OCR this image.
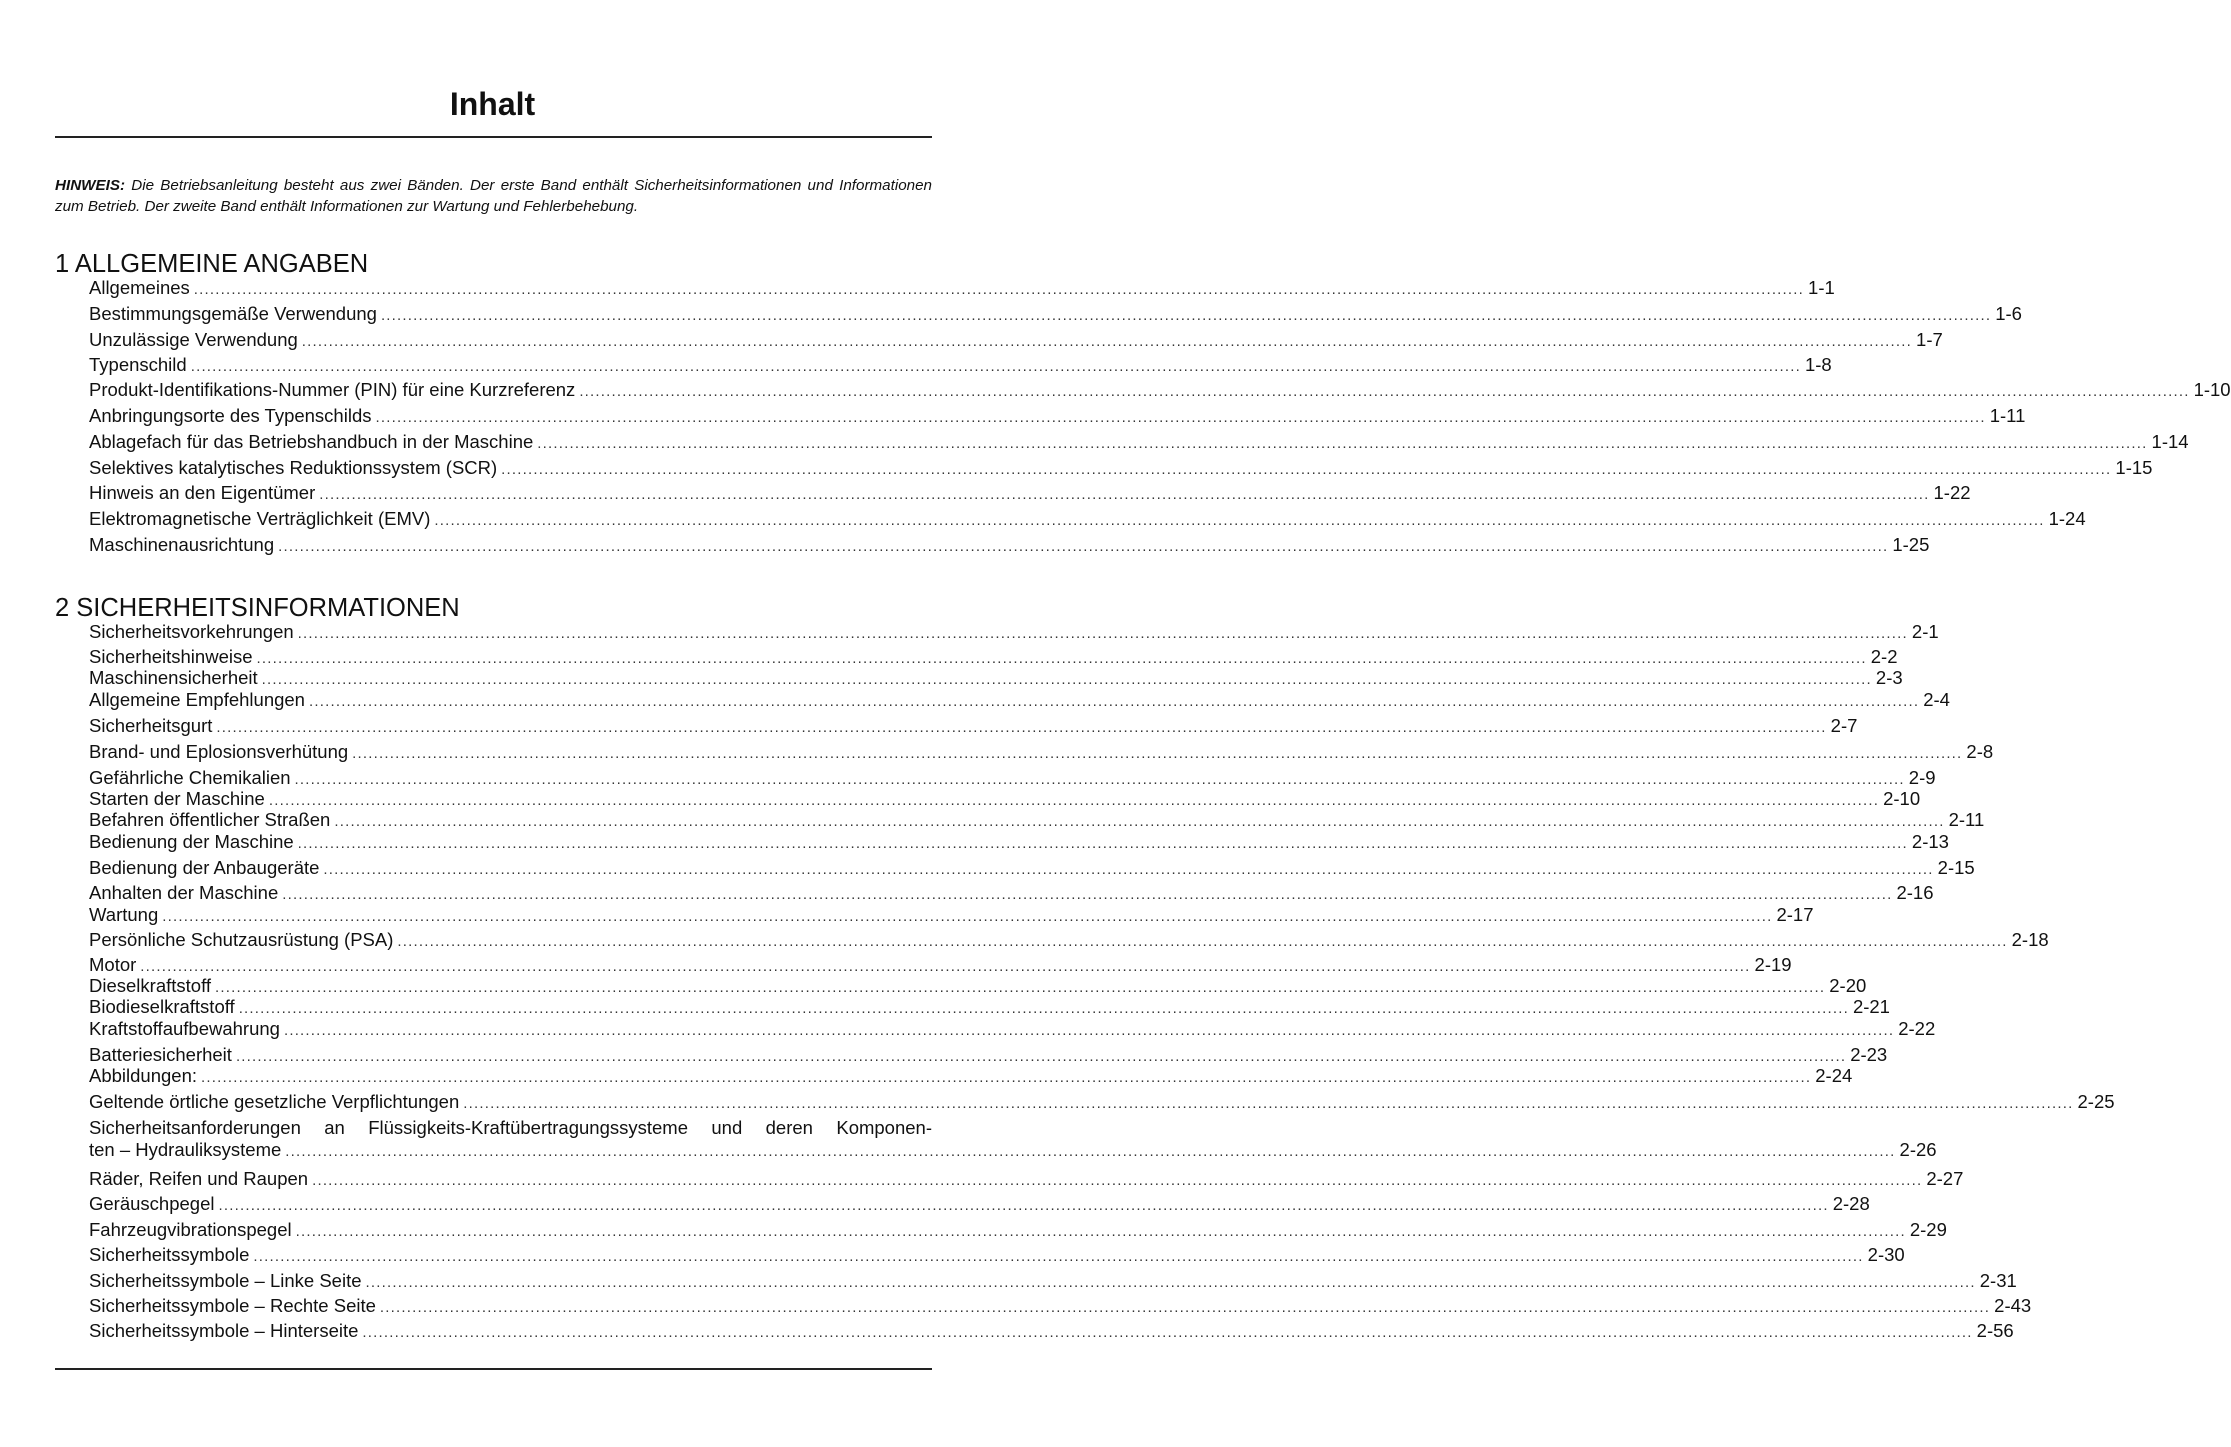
Inhalt

HINWEIS: Die Betriebsanleitung besteht aus zwei Bänden. Der erste Band enthält Sicherheitsinformationen und Informationen zum Betrieb. Der zweite Band enthält Informationen zur Wartung und Fehlerbehebung.

1 ALLGEMEINE ANGABEN
Allgemeines ............................................................................................................................................................................................................................................................................................................ 1-1
Bestimmungsgemäße Verwendung ............................................................................................................................................................................................................................................................................................................ 1-6
Unzulässige Verwendung ............................................................................................................................................................................................................................................................................................................ 1-7
Typenschild ............................................................................................................................................................................................................................................................................................................ 1-8
Produkt-Identifikations-Nummer (PIN) für eine Kurzreferenz ............................................................................................................................................................................................................................................................................................................ 1-10
Anbringungsorte des Typenschilds ............................................................................................................................................................................................................................................................................................................ 1-11
Ablagefach für das Betriebshandbuch in der Maschine ............................................................................................................................................................................................................................................................................................................ 1-14
Selektives katalytisches Reduktionssystem (SCR) ............................................................................................................................................................................................................................................................................................................ 1-15
Hinweis an den Eigentümer ............................................................................................................................................................................................................................................................................................................ 1-22
Elektromagnetische Verträglichkeit (EMV) ............................................................................................................................................................................................................................................................................................................ 1-24
Maschinenausrichtung ............................................................................................................................................................................................................................................................................................................ 1-25
2 SICHERHEITSINFORMATIONEN
Sicherheitsvorkehrungen ............................................................................................................................................................................................................................................................................................................ 2-1
Sicherheitshinweise ............................................................................................................................................................................................................................................................................................................ 2-2
Maschinensicherheit ............................................................................................................................................................................................................................................................................................................ 2-3
Allgemeine Empfehlungen ............................................................................................................................................................................................................................................................................................................ 2-4
Sicherheitsgurt ............................................................................................................................................................................................................................................................................................................ 2-7
Brand- und Eplosionsverhütung ............................................................................................................................................................................................................................................................................................................ 2-8
Gefährliche Chemikalien ............................................................................................................................................................................................................................................................................................................ 2-9
Starten der Maschine ............................................................................................................................................................................................................................................................................................................ 2-10
Befahren öffentlicher Straßen ............................................................................................................................................................................................................................................................................................................ 2-11
Bedienung der Maschine ............................................................................................................................................................................................................................................................................................................ 2-13
Bedienung der Anbaugeräte ............................................................................................................................................................................................................................................................................................................ 2-15
Anhalten der Maschine ............................................................................................................................................................................................................................................................................................................ 2-16
Wartung ............................................................................................................................................................................................................................................................................................................ 2-17
Persönliche Schutzausrüstung (PSA) ............................................................................................................................................................................................................................................................................................................ 2-18
Motor ............................................................................................................................................................................................................................................................................................................ 2-19
Dieselkraftstoff ............................................................................................................................................................................................................................................................................................................ 2-20
Biodieselkraftstoff ............................................................................................................................................................................................................................................................................................................ 2-21
Kraftstoffaufbewahrung ............................................................................................................................................................................................................................................................................................................ 2-22
Batteriesicherheit ............................................................................................................................................................................................................................................................................................................ 2-23
Abbildungen: ............................................................................................................................................................................................................................................................................................................ 2-24
Geltende örtliche gesetzliche Verpflichtungen ............................................................................................................................................................................................................................................................................................................ 2-25
Sicherheitsanforderungen an Flüssigkeits-Kraftübertragungssysteme und deren Komponen-
ten – Hydrauliksysteme ............................................................................................................................................................................................................................................................................................................ 2-26
Räder, Reifen und Raupen ............................................................................................................................................................................................................................................................................................................ 2-27
Geräuschpegel ............................................................................................................................................................................................................................................................................................................ 2-28
Fahrzeugvibrationspegel ............................................................................................................................................................................................................................................................................................................ 2-29
Sicherheitssymbole ............................................................................................................................................................................................................................................................................................................ 2-30
Sicherheitssymbole – Linke Seite ............................................................................................................................................................................................................................................................................................................ 2-31
Sicherheitssymbole – Rechte Seite ............................................................................................................................................................................................................................................................................................................ 2-43
Sicherheitssymbole – Hinterseite ............................................................................................................................................................................................................................................................................................................ 2-56
